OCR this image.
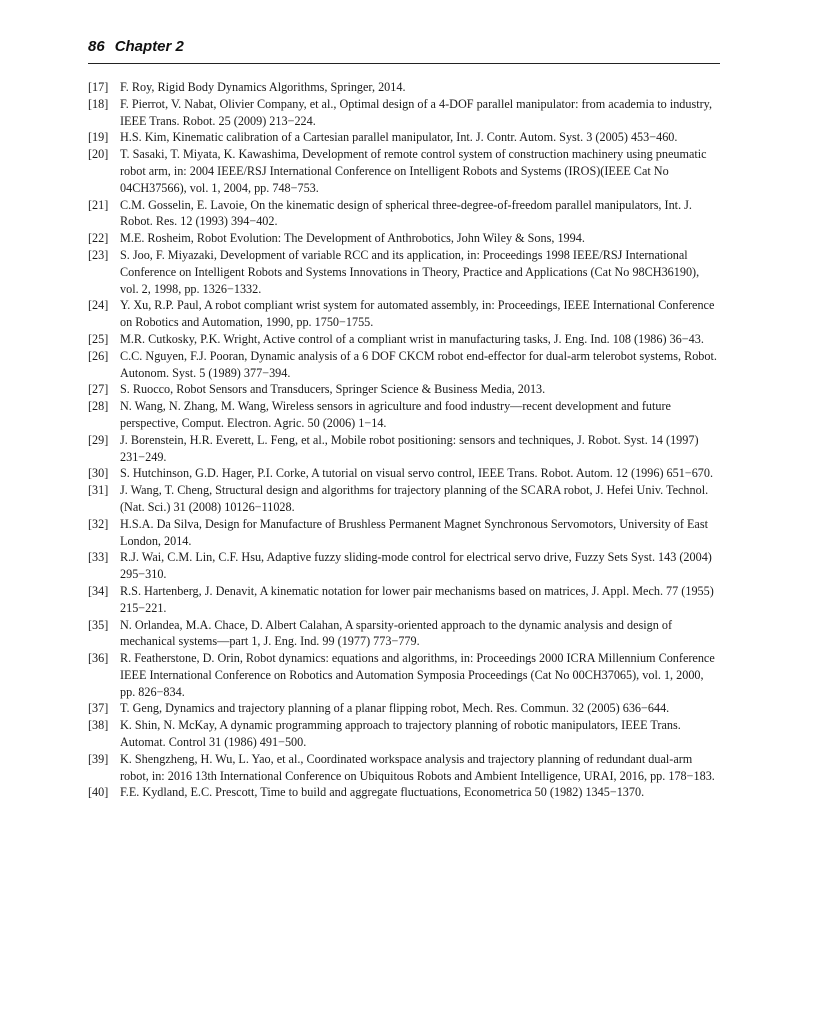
86 Chapter 2
[17] F. Roy, Rigid Body Dynamics Algorithms, Springer, 2014.
[18] F. Pierrot, V. Nabat, Olivier Company, et al., Optimal design of a 4-DOF parallel manipulator: from academia to industry, IEEE Trans. Robot. 25 (2009) 213−224.
[19] H.S. Kim, Kinematic calibration of a Cartesian parallel manipulator, Int. J. Contr. Autom. Syst. 3 (2005) 453−460.
[20] T. Sasaki, T. Miyata, K. Kawashima, Development of remote control system of construction machinery using pneumatic robot arm, in: 2004 IEEE/RSJ International Conference on Intelligent Robots and Systems (IROS)(IEEE Cat No 04CH37566), vol. 1, 2004, pp. 748−753.
[21] C.M. Gosselin, E. Lavoie, On the kinematic design of spherical three-degree-of-freedom parallel manipulators, Int. J. Robot. Res. 12 (1993) 394−402.
[22] M.E. Rosheim, Robot Evolution: The Development of Anthrobotics, John Wiley & Sons, 1994.
[23] S. Joo, F. Miyazaki, Development of variable RCC and its application, in: Proceedings 1998 IEEE/RSJ International Conference on Intelligent Robots and Systems Innovations in Theory, Practice and Applications (Cat No 98CH36190), vol. 2, 1998, pp. 1326−1332.
[24] Y. Xu, R.P. Paul, A robot compliant wrist system for automated assembly, in: Proceedings, IEEE International Conference on Robotics and Automation, 1990, pp. 1750−1755.
[25] M.R. Cutkosky, P.K. Wright, Active control of a compliant wrist in manufacturing tasks, J. Eng. Ind. 108 (1986) 36−43.
[26] C.C. Nguyen, F.J. Pooran, Dynamic analysis of a 6 DOF CKCM robot end-effector for dual-arm telerobot systems, Robot. Autonom. Syst. 5 (1989) 377−394.
[27] S. Ruocco, Robot Sensors and Transducers, Springer Science & Business Media, 2013.
[28] N. Wang, N. Zhang, M. Wang, Wireless sensors in agriculture and food industry—recent development and future perspective, Comput. Electron. Agric. 50 (2006) 1−14.
[29] J. Borenstein, H.R. Everett, L. Feng, et al., Mobile robot positioning: sensors and techniques, J. Robot. Syst. 14 (1997) 231−249.
[30] S. Hutchinson, G.D. Hager, P.I. Corke, A tutorial on visual servo control, IEEE Trans. Robot. Autom. 12 (1996) 651−670.
[31] J. Wang, T. Cheng, Structural design and algorithms for trajectory planning of the SCARA robot, J. Hefei Univ. Technol. (Nat. Sci.) 31 (2008) 10126−11028.
[32] H.S.A. Da Silva, Design for Manufacture of Brushless Permanent Magnet Synchronous Servomotors, University of East London, 2014.
[33] R.J. Wai, C.M. Lin, C.F. Hsu, Adaptive fuzzy sliding-mode control for electrical servo drive, Fuzzy Sets Syst. 143 (2004) 295−310.
[34] R.S. Hartenberg, J. Denavit, A kinematic notation for lower pair mechanisms based on matrices, J. Appl. Mech. 77 (1955) 215−221.
[35] N. Orlandea, M.A. Chace, D. Albert Calahan, A sparsity-oriented approach to the dynamic analysis and design of mechanical systems—part 1, J. Eng. Ind. 99 (1977) 773−779.
[36] R. Featherstone, D. Orin, Robot dynamics: equations and algorithms, in: Proceedings 2000 ICRA Millennium Conference IEEE International Conference on Robotics and Automation Symposia Proceedings (Cat No 00CH37065), vol. 1, 2000, pp. 826−834.
[37] T. Geng, Dynamics and trajectory planning of a planar flipping robot, Mech. Res. Commun. 32 (2005) 636−644.
[38] K. Shin, N. McKay, A dynamic programming approach to trajectory planning of robotic manipulators, IEEE Trans. Automat. Control 31 (1986) 491−500.
[39] K. Shengzheng, H. Wu, L. Yao, et al., Coordinated workspace analysis and trajectory planning of redundant dual-arm robot, in: 2016 13th International Conference on Ubiquitous Robots and Ambient Intelligence, URAI, 2016, pp. 178−183.
[40] F.E. Kydland, E.C. Prescott, Time to build and aggregate fluctuations, Econometrica 50 (1982) 1345−1370.
